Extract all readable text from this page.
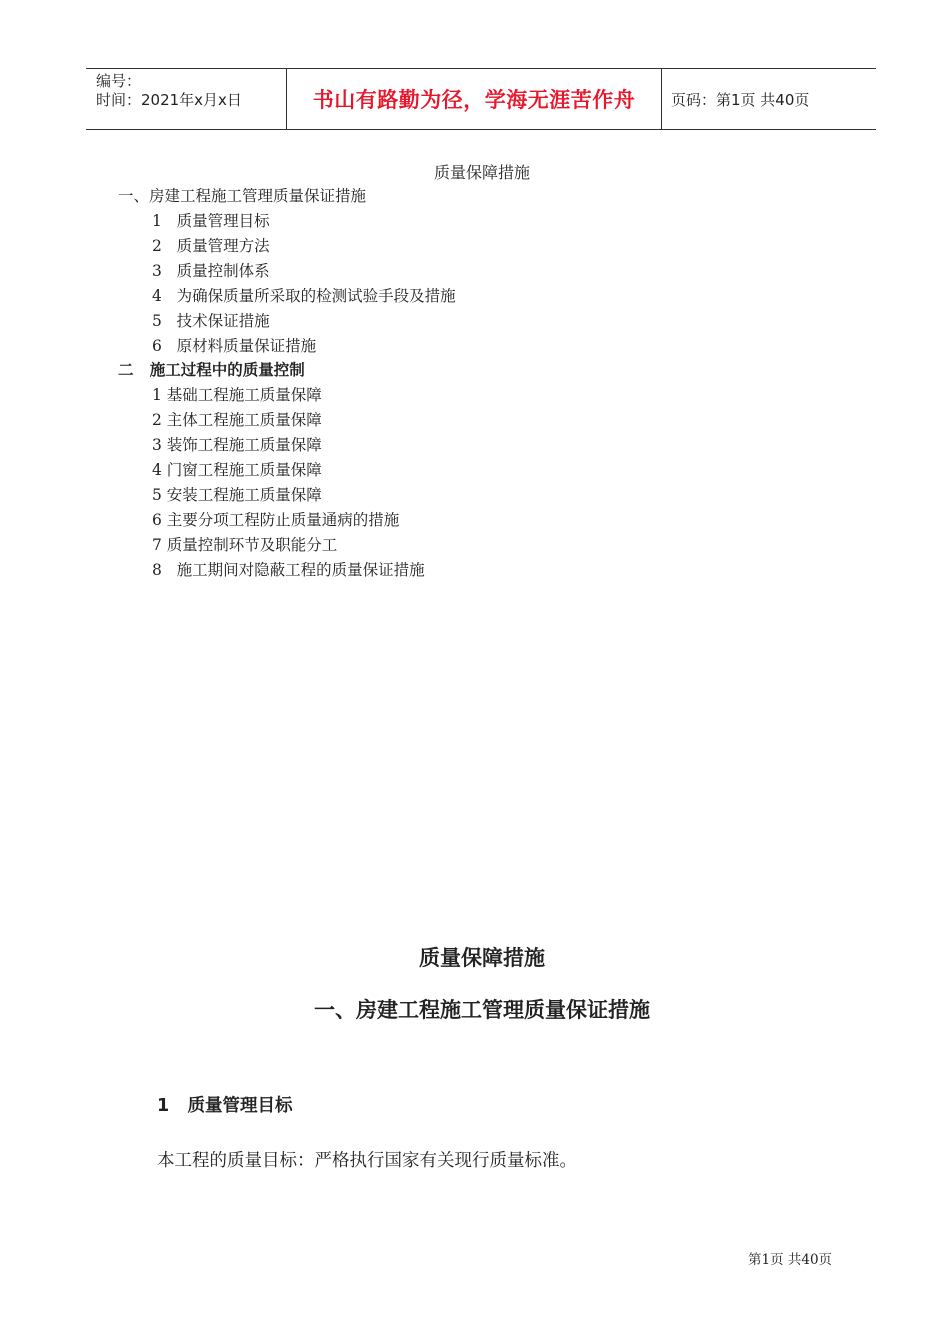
编号：
时间：2021年x月x日	书山有路勤为径，学海无涯苦作舟	页码：第1页 共40页
质量保障措施
一、房建工程施工管理质量保证措施
1   质量管理目标
2   质量管理方法
3   质量控制体系
4   为确保质量所采取的检测试验手段及措施
5   技术保证措施
6   原材料质量保证措施
二   施工过程中的质量控制
1 基础工程施工质量保障
2 主体工程施工质量保障
3 装饰工程施工质量保障
4 门窗工程施工质量保障
5 安装工程施工质量保障
6 主要分项工程防止质量通病的措施
7 质量控制环节及职能分工
8   施工期间对隐蔽工程的质量保证措施
质量保障措施
一、房建工程施工管理质量保证措施
1   质量管理目标
本工程的质量目标：严格执行国家有关现行质量标准。
第1页 共40页
